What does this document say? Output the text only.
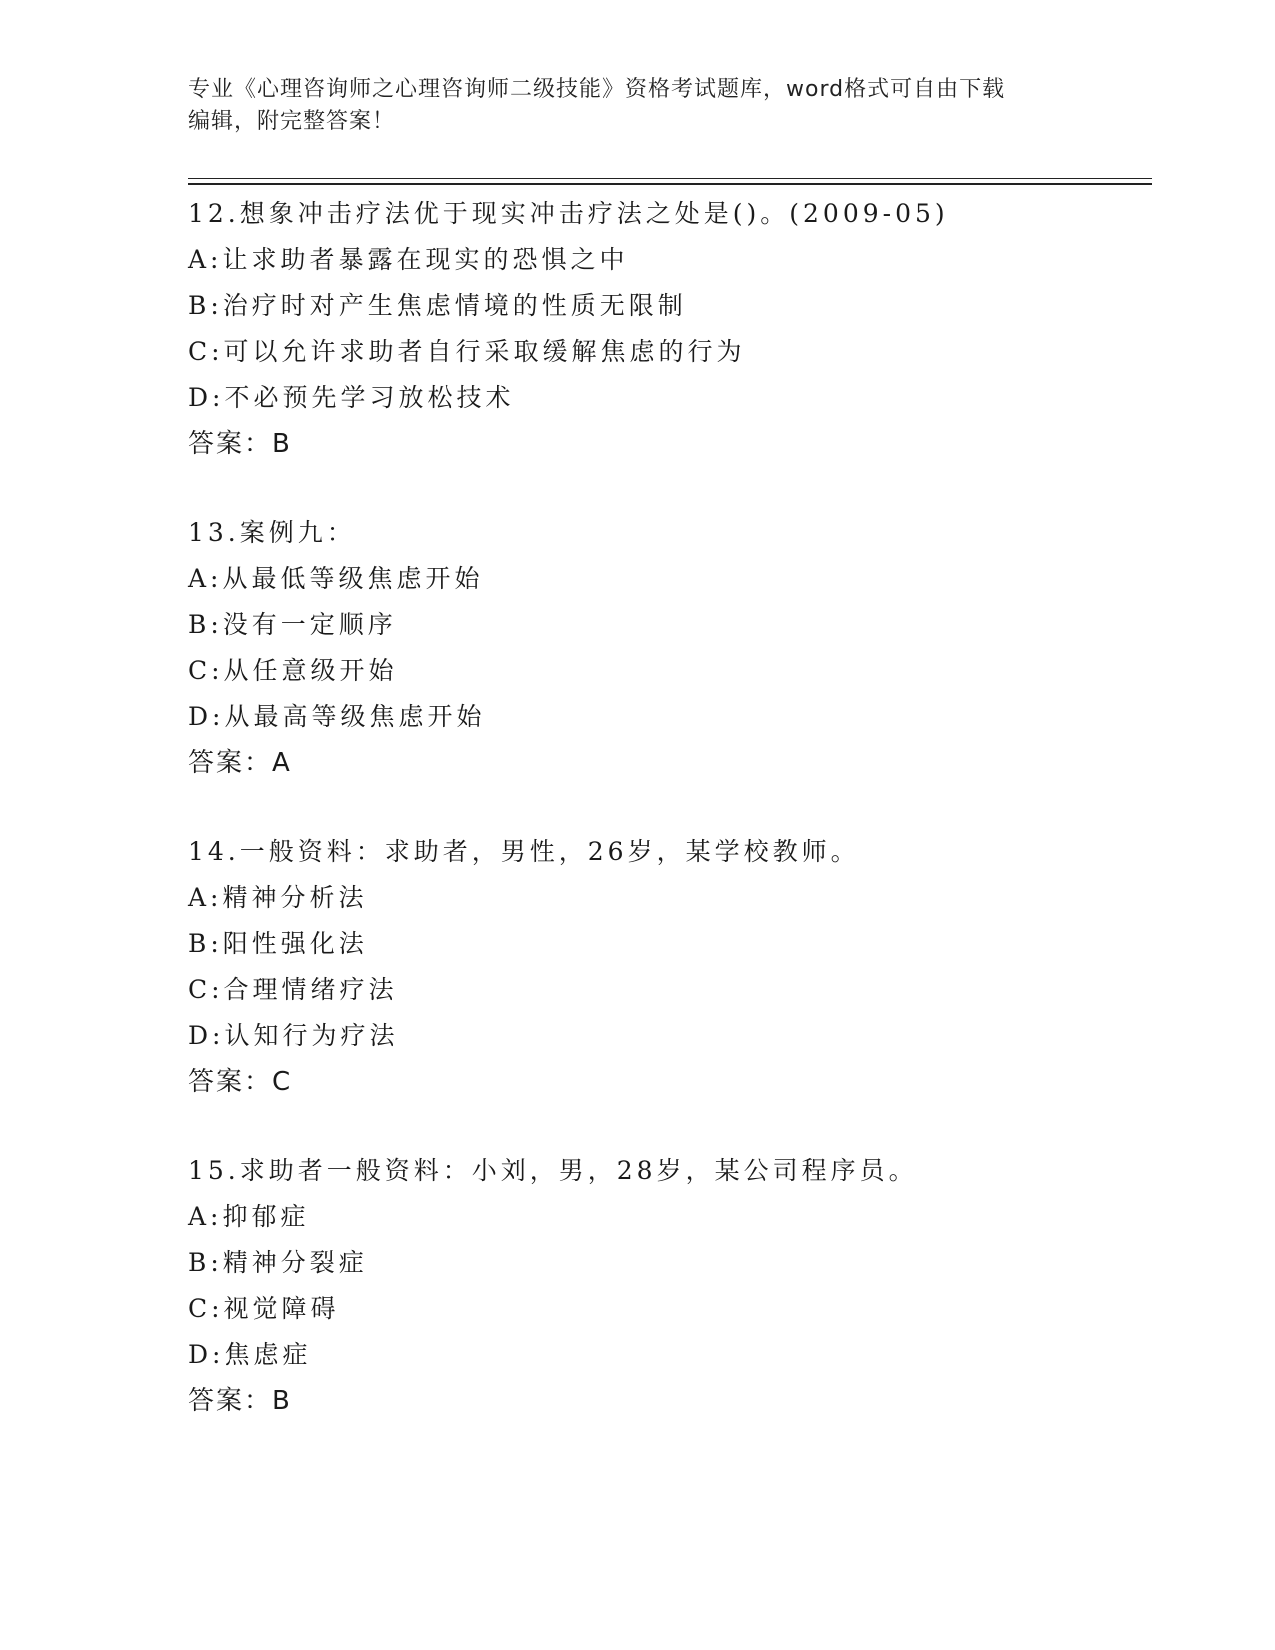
专业《心理咨询师之心理咨询师二级技能》资格考试题库，word格式可自由下载
编辑，附完整答案！
12.想象冲击疗法优于现实冲击疗法之处是()。(2009-05)
A:让求助者暴露在现实的恐惧之中
B:治疗时对产生焦虑情境的性质无限制
C:可以允许求助者自行采取缓解焦虑的行为
D:不必预先学习放松技术
答案：B
13.案例九：
A:从最低等级焦虑开始
B:没有一定顺序
C:从任意级开始
D:从最高等级焦虑开始
答案：A
14.一般资料：求助者，男性，26岁，某学校教师。
A:精神分析法
B:阳性强化法
C:合理情绪疗法
D:认知行为疗法
答案：C
15.求助者一般资料：小刘，男，28岁，某公司程序员。
A:抑郁症
B:精神分裂症
C:视觉障碍
D:焦虑症
答案：B
